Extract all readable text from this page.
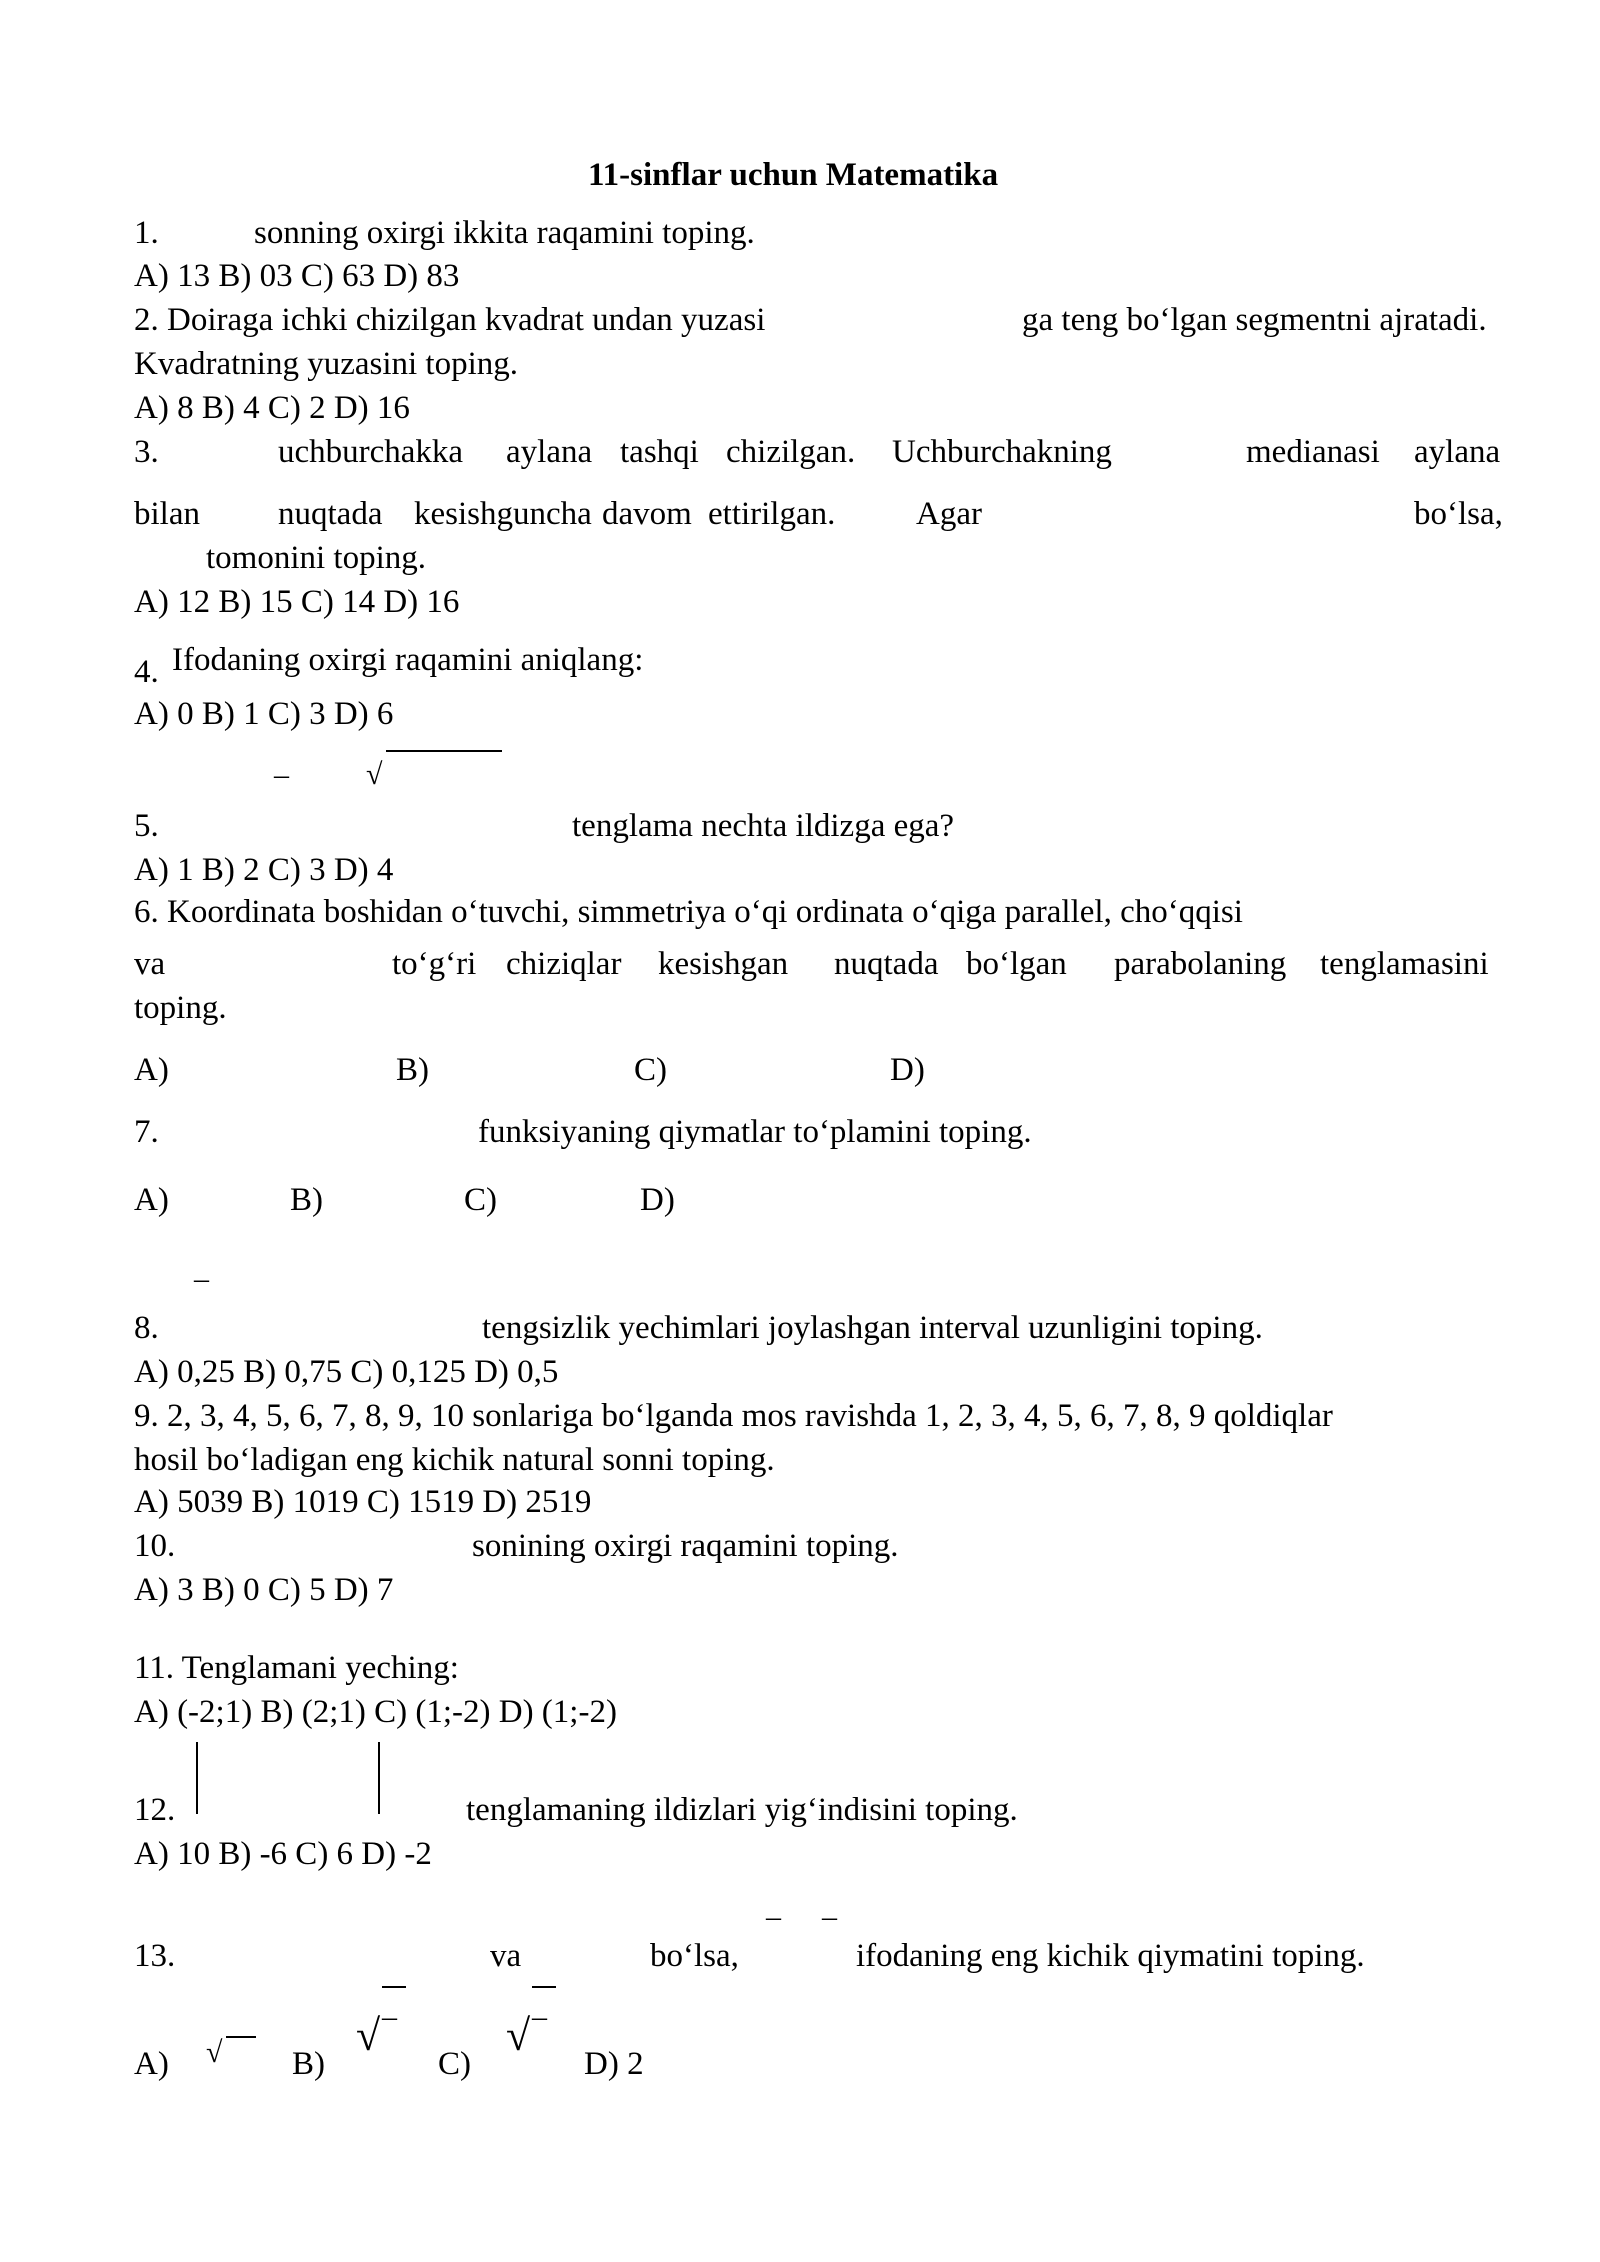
11-sinflar uchun Matematika
1.	sonning oxirgi ikkita raqamini toping.
A) 13 B) 03 C) 63 D) 83
2. Doiraga ichki chizilgan kvadrat undan yuzasi	ga teng bo‘lgan segmentni ajratadi.
Kvadratning yuzasini toping.
A) 8 B) 4 C) 2 D) 16
3.	uchburchakka aylana tashqi chizilgan. Uchburchakning	medianasi aylana
bilan nuqtada kesishguncha davom ettirilgan. Agar	bo‘lsa,
tomonini toping.
A) 12 B) 15 C) 14 D) 16
4. Ifodaning oxirgi raqamini aniqlang:
A) 0 B) 1 C) 3 D) 6
–	√
5.	tenglama nechta ildizga ega?
A) 1 B) 2 C) 3 D) 4
6. Koordinata boshidan o‘tuvchi, simmetriya o‘qi ordinata o‘qiga parallel, cho‘qqisi
va	to‘g‘ri chiziqlar kesishgan nuqtada bo‘lgan parabolaning tenglamasini
toping.
A)	B)	C)	D)
7.	funksiyaning qiymatlar to‘plamini toping.
A)	B)	C)	D)
–
8.	tengsizlik yechimlari joylashgan interval uzunligini toping.
A) 0,25 B) 0,75 C) 0,125 D) 0,5
9. 2, 3, 4, 5, 6, 7, 8, 9, 10 sonlariga bo‘lganda mos ravishda 1, 2, 3, 4, 5, 6, 7, 8, 9 qoldiqlar
hosil bo‘ladigan eng kichik natural sonni toping.
A) 5039 B) 1019 C) 1519 D) 2519
10.	sonining oxirgi raqamini toping.
A) 3 B) 0 C) 5 D) 7
11. Tenglamani yeching:
A) (-2;1) B) (2;1) C) (1;-2) D) (1;-2)
12.	tenglamaning ildizlari yig‘indisini toping.
A) 10 B) -6 C) 6 D) -2
– –
13.	va	bo‘lsa,	ifodaning eng kichik qiymatini toping.
A) √ B)
√ –
C)
√ –
D) 2
